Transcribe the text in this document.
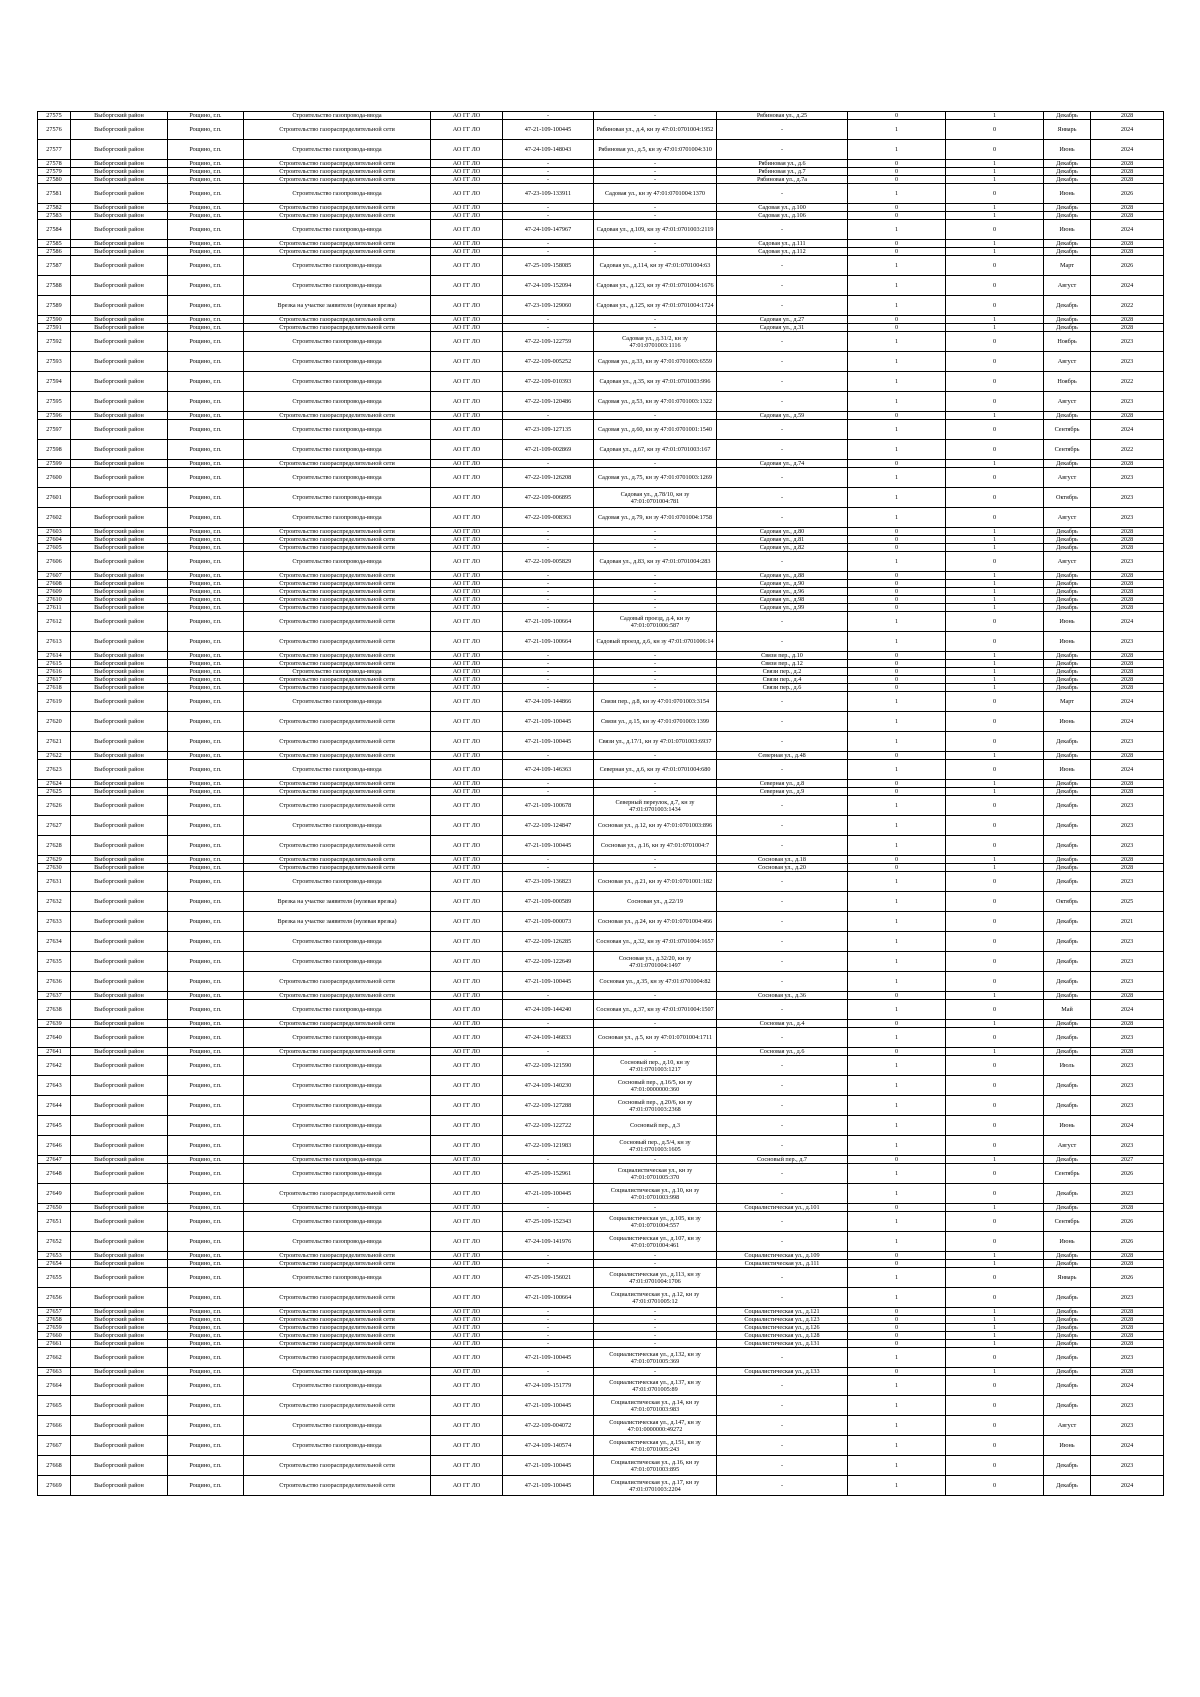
27575	Выборгский район	Рощино, г.п.	Строительство газопровода-ввода	АО ГГ ЛО	-	-	Рябиновая ул., д.25	0	1	Декабрь	2028
27576	Выборгский район	Рощино, г.п.	Строительство газораспределительной сети	АО ГГ ЛО	47-21-109-100445	Рябиновая ул., д.4, кн зу 47:01:0701004:1952	-	1	0	Январь	2024
27577	Выборгский район	Рощино, г.п.	Строительство газопровода-ввода	АО ГГ ЛО	47-24-109-148043	Рябиновая ул., д.5, кн зу 47:01:0701004:310	-	1	0	Июнь	2024
27578	Выборгский район	Рощино, г.п.	Строительство газораспределительной сети	АО ГГ ЛО	-	-	Рябиновая ул., д.6	0	1	Декабрь	2028
27579	Выборгский район	Рощино, г.п.	Строительство газораспределительной сети	АО ГГ ЛО	-	-	Рябиновая ул., д.7	0	1	Декабрь	2028
27580	Выборгский район	Рощино, г.п.	Строительство газораспределительной сети	АО ГГ ЛО	-	-	Рябиновая ул., д.7а	0	1	Декабрь	2028
27581	Выборгский район	Рощино, г.п.	Строительство газопровода-ввода	АО ГГ ЛО	47-23-109-133911	Садовая ул., кн зу 47:01:0701004:1370	-	1	0	Июнь	2026
27582	Выборгский район	Рощино, г.п.	Строительство газораспределительной сети	АО ГГ ЛО	-	-	Садовая ул., д.100	0	1	Декабрь	2028
27583	Выборгский район	Рощино, г.п.	Строительство газораспределительной сети	АО ГГ ЛО	-	-	Садовая ул., д.106	0	1	Декабрь	2028
27584	Выборгский район	Рощино, г.п.	Строительство газопровода-ввода	АО ГГ ЛО	47-24-109-147967	Садовая ул., д.109, кн зу 47:01:0701003:2119	-	1	0	Июнь	2024
27585	Выборгский район	Рощино, г.п.	Строительство газораспределительной сети	АО ГГ ЛО	-	-	Садовая ул., д.111	0	1	Декабрь	2028
27586	Выборгский район	Рощино, г.п.	Строительство газораспределительной сети	АО ГГ ЛО	-	-	Садовая ул., д.112	0	1	Декабрь	2028
27587	Выборгский район	Рощино, г.п.	Строительство газопровода-ввода	АО ГГ ЛО	47-25-109-158085	Садовая ул., д.114, кн зу 47:01:0701004:63	-	1	0	Март	2026
27588	Выборгский район	Рощино, г.п.	Строительство газопровода-ввода	АО ГГ ЛО	47-24-109-152094	Садовая ул., д.123, кн зу 47:01:0701004:1676	-	1	0	Август	2024
27589	Выборгский район	Рощино, г.п.	Врезка на участке заявителя (нулевая врезка)	АО ГГ ЛО	47-23-109-129060	Садовая ул., д.125, кн зу 47:01:0701004:1724	-	1	0	Декабрь	2022
27590	Выборгский район	Рощино, г.п.	Строительство газораспределительной сети	АО ГГ ЛО	-	-	Садовая ул., д.27	0	1	Декабрь	2028
27591	Выборгский район	Рощино, г.п.	Строительство газораспределительной сети	АО ГГ ЛО	-	-	Садовая ул., д.31	0	1	Декабрь	2028
27592	Выборгский район	Рощино, г.п.	Строительство газопровода-ввода	АО ГГ ЛО	47-22-109-122759	Садовая ул., д.31/2, кн зу 47:01:0701003:1116	-	1	0	Ноябрь	2023
27593	Выборгский район	Рощино, г.п.	Строительство газопровода-ввода	АО ГГ ЛО	47-22-109-005252	Садовая ул., д.33, кн зу 47:01:0701003:6559	-	1	0	Август	2023
27594	Выборгский район	Рощино, г.п.	Строительство газопровода-ввода	АО ГГ ЛО	47-22-109-010393	Садовая ул., д.35, кн зу 47:01:0701003:996	-	1	0	Ноябрь	2022
27595	Выборгский район	Рощино, г.п.	Строительство газопровода-ввода	АО ГГ ЛО	47-22-109-120486	Садовая ул., д.53, кн зу 47:01:0701003:1322	-	1	0	Август	2023
27596	Выборгский район	Рощино, г.п.	Строительство газораспределительной сети	АО ГГ ЛО	-	-	Садовая ул., д.59	0	1	Декабрь	2028
27597	Выборгский район	Рощино, г.п.	Строительство газопровода-ввода	АО ГГ ЛО	47-23-109-127135	Садовая ул., д.60, кн зу 47:01:0701001:1540	-	1	0	Сентябрь	2024
27598	Выборгский район	Рощино, г.п.	Строительство газопровода-ввода	АО ГГ ЛО	47-21-109-002869	Садовая ул., д.67, кн зу 47:01:0701003:167	-	1	0	Сентябрь	2022
27599	Выборгский район	Рощино, г.п.	Строительство газораспределительной сети	АО ГГ ЛО	-	-	Садовая ул., д.74	0	1	Декабрь	2028
27600	Выборгский район	Рощино, г.п.	Строительство газопровода-ввода	АО ГГ ЛО	47-22-109-126208	Садовая ул., д.75, кн зу 47:01:0701003:1269	-	1	0	Август	2023
27601	Выборгский район	Рощино, г.п.	Строительство газопровода-ввода	АО ГГ ЛО	47-22-109-006895	Садовая ул., д.78/10, кн зу 47:01:0701004:781	-	1	0	Октябрь	2023
27602	Выборгский район	Рощино, г.п.	Строительство газопровода-ввода	АО ГГ ЛО	47-22-109-008363	Садовая ул., д.79, кн зу 47:01:0701004:1758	-	1	0	Август	2023
27603	Выборгский район	Рощино, г.п.	Строительство газораспределительной сети	АО ГГ ЛО	-	-	Садовая ул., д.80	0	1	Декабрь	2028
27604	Выборгский район	Рощино, г.п.	Строительство газораспределительной сети	АО ГГ ЛО	-	-	Садовая ул., д.81	0	1	Декабрь	2028
27605	Выборгский район	Рощино, г.п.	Строительство газораспределительной сети	АО ГГ ЛО	-	-	Садовая ул., д.82	0	1	Декабрь	2028
27606	Выборгский район	Рощино, г.п.	Строительство газопровода-ввода	АО ГГ ЛО	47-22-109-005829	Садовая ул., д.83, кн зу 47:01:0701004:283	-	1	0	Август	2023
27607	Выборгский район	Рощино, г.п.	Строительство газораспределительной сети	АО ГГ ЛО	-	-	Садовая ул., д.88	0	1	Декабрь	2028
27608	Выборгский район	Рощино, г.п.	Строительство газораспределительной сети	АО ГГ ЛО	-	-	Садовая ул., д.90	0	1	Декабрь	2028
27609	Выборгский район	Рощино, г.п.	Строительство газораспределительной сети	АО ГГ ЛО	-	-	Садовая ул., д.96	0	1	Декабрь	2028
27610	Выборгский район	Рощино, г.п.	Строительство газораспределительной сети	АО ГГ ЛО	-	-	Садовая ул., д.98	0	1	Декабрь	2028
27611	Выборгский район	Рощино, г.п.	Строительство газораспределительной сети	АО ГГ ЛО	-	-	Садовая ул., д.99	0	1	Декабрь	2028
27612	Выборгский район	Рощино, г.п.	Строительство газораспределительной сети	АО ГГ ЛО	47-21-109-100664	Садовый проезд, д.4, кн зу 47:01:0701006:587	-	1	0	Июнь	2024
27613	Выборгский район	Рощино, г.п.	Строительство газораспределительной сети	АО ГГ ЛО	47-21-109-100664	Садовый проезд, д.6, кн зу 47:01:0701006:14	-	1	0	Июнь	2023
27614	Выборгский район	Рощино, г.п.	Строительство газораспределительной сети	АО ГГ ЛО	-	-	Связи пер., д.10	0	1	Декабрь	2028
27615	Выборгский район	Рощино, г.п.	Строительство газораспределительной сети	АО ГГ ЛО	-	-	Связи пер., д.12	0	1	Декабрь	2028
27616	Выборгский район	Рощино, г.п.	Строительство газопровода-ввода	АО ГГ ЛО	-	-	Связи пер., д.2	0	1	Декабрь	2028
27617	Выборгский район	Рощино, г.п.	Строительство газораспределительной сети	АО ГГ ЛО	-	-	Связи пер., д.4	0	1	Декабрь	2028
27618	Выборгский район	Рощино, г.п.	Строительство газораспределительной сети	АО ГГ ЛО	-	-	Связи пер., д.6	0	1	Декабрь	2028
27619	Выборгский район	Рощино, г.п.	Строительство газопровода-ввода	АО ГГ ЛО	47-24-109-144866	Связи пер., д.8, кн зу 47:01:0701003:3154	-	1	0	Март	2024
27620	Выборгский район	Рощино, г.п.	Строительство газораспределительной сети	АО ГГ ЛО	47-21-109-100445	Связи ул., д.15, кн зу 47:01:0701003:1399	-	1	0	Июнь	2024
27621	Выборгский район	Рощино, г.п.	Строительство газораспределительной сети	АО ГГ ЛО	47-21-109-100445	Связи ул., д.17/1, кн зу 47:01:0701003:6937	-	1	0	Декабрь	2023
27622	Выборгский район	Рощино, г.п.	Строительство газораспределительной сети	АО ГГ ЛО	-	-	Северная ул., д.48	0	1	Декабрь	2028
27623	Выборгский район	Рощино, г.п.	Строительство газопровода-ввода	АО ГГ ЛО	47-24-109-146363	Северная ул., д.6, кн зу 47:01:0701004:680	-	1	0	Июнь	2024
27624	Выборгский район	Рощино, г.п.	Строительство газораспределительной сети	АО ГГ ЛО	-	-	Северная ул., д.8	0	1	Декабрь	2028
27625	Выборгский район	Рощино, г.п.	Строительство газораспределительной сети	АО ГГ ЛО	-	-	Северная ул., д.9	0	1	Декабрь	2028
27626	Выборгский район	Рощино, г.п.	Строительство газораспределительной сети	АО ГГ ЛО	47-21-109-100678	Северный переулок, д.7, кн зу 47:01:0701003:1434	-	1	0	Декабрь	2023
27627	Выборгский район	Рощино, г.п.	Строительство газопровода-ввода	АО ГГ ЛО	47-22-109-124847	Сосновая ул., д.12, кн зу 47:01:0701003:896	-	1	0	Декабрь	2023
27628	Выборгский район	Рощино, г.п.	Строительство газораспределительной сети	АО ГГ ЛО	47-21-109-100445	Сосновая ул., д.16, кн зу 47:01:0701004:7	-	1	0	Декабрь	2023
27629	Выборгский район	Рощино, г.п.	Строительство газораспределительной сети	АО ГГ ЛО	-	-	Сосновая ул., д.18	0	1	Декабрь	2028
27630	Выборгский район	Рощино, г.п.	Строительство газораспределительной сети	АО ГГ ЛО	-	-	Сосновая ул., д.20	0	1	Декабрь	2028
27631	Выборгский район	Рощино, г.п.	Строительство газопровода-ввода	АО ГГ ЛО	47-23-109-136823	Сосновая ул., д.21, кн зу 47:01:0701001:182	-	1	0	Декабрь	2023
27632	Выборгский район	Рощино, г.п.	Врезка на участке заявителя (нулевая врезка)	АО ГГ ЛО	47-21-109-000589	Сосновая ул., д.22/19	-	1	0	Октябрь	2025
27633	Выборгский район	Рощино, г.п.	Врезка на участке заявителя (нулевая врезка)	АО ГГ ЛО	47-21-109-000073	Сосновая ул., д.24, кн зу 47:01:0701004:466	-	1	0	Декабрь	2021
27634	Выборгский район	Рощино, г.п.	Строительство газопровода-ввода	АО ГГ ЛО	47-22-109-126285	Сосновая ул., д.32, кн зу 47:01:0701004:1657	-	1	0	Декабрь	2023
27635	Выборгский район	Рощино, г.п.	Строительство газопровода-ввода	АО ГГ ЛО	47-22-109-122649	Сосновая ул., д.32/20, кн зу 47:01:0701004:1497	-	1	0	Декабрь	2023
27636	Выборгский район	Рощино, г.п.	Строительство газораспределительной сети	АО ГГ ЛО	47-21-109-100445	Сосновая ул., д.35, кн зу 47:01:0701004:82	-	1	0	Декабрь	2023
27637	Выборгский район	Рощино, г.п.	Строительство газораспределительной сети	АО ГГ ЛО	-	-	Сосновая ул., д.36	0	1	Декабрь	2028
27638	Выборгский район	Рощино, г.п.	Строительство газопровода-ввода	АО ГГ ЛО	47-24-109-144240	Сосновая ул., д.37, кн зу 47:01:0701004:1507	-	1	0	Май	2024
27639	Выборгский район	Рощино, г.п.	Строительство газораспределительной сети	АО ГГ ЛО	-	-	Сосновая ул., д.4	0	1	Декабрь	2028
27640	Выборгский район	Рощино, г.п.	Строительство газопровода-ввода	АО ГГ ЛО	47-24-109-146833	Сосновая ул., д.5, кн зу 47:01:0701004:1711	-	1	0	Декабрь	2023
27641	Выборгский район	Рощино, г.п.	Строительство газораспределительной сети	АО ГГ ЛО	-	-	Сосновая ул., д.6	0	1	Декабрь	2028
27642	Выборгский район	Рощино, г.п.	Строительство газопровода-ввода	АО ГГ ЛО	47-22-109-121590	Сосновый пер., д.10, кн зу 47:01:0701003:1217	-	1	0	Июль	2023
27643	Выборгский район	Рощино, г.п.	Строительство газопровода-ввода	АО ГГ ЛО	47-24-109-140230	Сосновый пер., д.16/5, кн зу 47:01:0000000:360	-	1	0	Декабрь	2023
27644	Выборгский район	Рощино, г.п.	Строительство газопровода-ввода	АО ГГ ЛО	47-22-109-127288	Сосновый пер., д.20/6, кн зу 47:01:0701003:2368	-	1	0	Декабрь	2023
27645	Выборгский район	Рощино, г.п.	Строительство газопровода-ввода	АО ГГ ЛО	47-22-109-122722	Сосновый пер., д.3	-	1	0	Июнь	2024
27646	Выборгский район	Рощино, г.п.	Строительство газопровода-ввода	АО ГГ ЛО	47-22-109-121983	Сосновый пер., д.5/4, кн зу 47:01:0701003:1605	-	1	0	Август	2023
27647	Выборгский район	Рощино, г.п.	Строительство газопровода-ввода	АО ГГ ЛО	-	-	Сосновый пер., д.7	0	1	Декабрь	2027
27648	Выборгский район	Рощино, г.п.	Строительство газопровода-ввода	АО ГГ ЛО	47-25-109-152961	Социалистическая ул., кн зу 47:01:0701005:370	-	1	0	Сентябрь	2026
27649	Выборгский район	Рощино, г.п.	Строительство газораспределительной сети	АО ГГ ЛО	47-21-109-100445	Социалистическая ул., д.10, кн зу 47:01:0701003:998	-	1	0	Декабрь	2023
27650	Выборгский район	Рощино, г.п.	Строительство газопровода-ввода	АО ГГ ЛО	-	-	Социалистическая ул., д.101	0	1	Декабрь	2028
27651	Выборгский район	Рощино, г.п.	Строительство газопровода-ввода	АО ГГ ЛО	47-25-109-152343	Социалистическая ул., д.105, кн зу 47:01:0701004:557	-	1	0	Сентябрь	2026
27652	Выборгский район	Рощино, г.п.	Строительство газопровода-ввода	АО ГГ ЛО	47-24-109-141976	Социалистическая ул., д.107, кн зу 47:01:0701004:461	-	1	0	Июнь	2026
27653	Выборгский район	Рощино, г.п.	Строительство газораспределительной сети	АО ГГ ЛО	-	-	Социалистическая ул., д.109	0	1	Декабрь	2028
27654	Выборгский район	Рощино, г.п.	Строительство газораспределительной сети	АО ГГ ЛО	-	-	Социалистическая ул., д.111	0	1	Декабрь	2028
27655	Выборгский район	Рощино, г.п.	Строительство газопровода-ввода	АО ГГ ЛО	47-25-109-156021	Социалистическая ул., д.113, кн зу 47:01:0701004:1706	-	1	0	Январь	2026
27656	Выборгский район	Рощино, г.п.	Строительство газораспределительной сети	АО ГГ ЛО	47-21-109-100664	Социалистическая ул., д.12, кн зу 47:01:0701005:12	-	1	0	Декабрь	2023
27657	Выборгский район	Рощино, г.п.	Строительство газораспределительной сети	АО ГГ ЛО	-	-	Социалистическая ул., д.121	0	1	Декабрь	2028
27658	Выборгский район	Рощино, г.п.	Строительство газораспределительной сети	АО ГГ ЛО	-	-	Социалистическая ул., д.123	0	1	Декабрь	2028
27659	Выборгский район	Рощино, г.п.	Строительство газораспределительной сети	АО ГГ ЛО	-	-	Социалистическая ул., д.126	0	1	Декабрь	2028
27660	Выборгский район	Рощино, г.п.	Строительство газораспределительной сети	АО ГГ ЛО	-	-	Социалистическая ул., д.128	0	1	Декабрь	2028
27661	Выборгский район	Рощино, г.п.	Строительство газораспределительной сети	АО ГГ ЛО	-	-	Социалистическая ул., д.131	0	1	Декабрь	2028
27662	Выборгский район	Рощино, г.п.	Строительство газораспределительной сети	АО ГГ ЛО	47-21-109-100445	Социалистическая ул., д.132, кн зу 47:01:0701005:369	-	1	0	Декабрь	2023
27663	Выборгский район	Рощино, г.п.	Строительство газопровода-ввода	АО ГГ ЛО	-	-	Социалистическая ул., д.133	0	1	Декабрь	2028
27664	Выборгский район	Рощино, г.п.	Строительство газопровода-ввода	АО ГГ ЛО	47-24-109-151779	Социалистическая ул., д.137, кн зу 47:01:0701005:89	-	1	0	Декабрь	2024
27665	Выборгский район	Рощино, г.п.	Строительство газораспределительной сети	АО ГГ ЛО	47-21-109-100445	Социалистическая ул., д.14, кн зу 47:01:0701003:983	-	1	0	Декабрь	2023
27666	Выборгский район	Рощино, г.п.	Строительство газопровода-ввода	АО ГГ ЛО	47-22-109-004072	Социалистическая ул., д.147, кн зу 47:01:0000000:49272	-	1	0	Август	2023
27667	Выборгский район	Рощино, г.п.	Строительство газопровода-ввода	АО ГГ ЛО	47-24-109-140574	Социалистическая ул., д.151, кн зу 47:01:0701005:243	-	1	0	Июнь	2024
27668	Выборгский район	Рощино, г.п.	Строительство газораспределительной сети	АО ГГ ЛО	47-21-109-100445	Социалистическая ул., д.16, кн зу 47:01:0701003:895	-	1	0	Декабрь	2023
27669	Выборгский район	Рощино, г.п.	Строительство газораспределительной сети	АО ГГ ЛО	47-21-109-100445	Социалистическая ул., д.17, кн зу 47:01:0701003:2204	-	1	0	Декабрь	2024
